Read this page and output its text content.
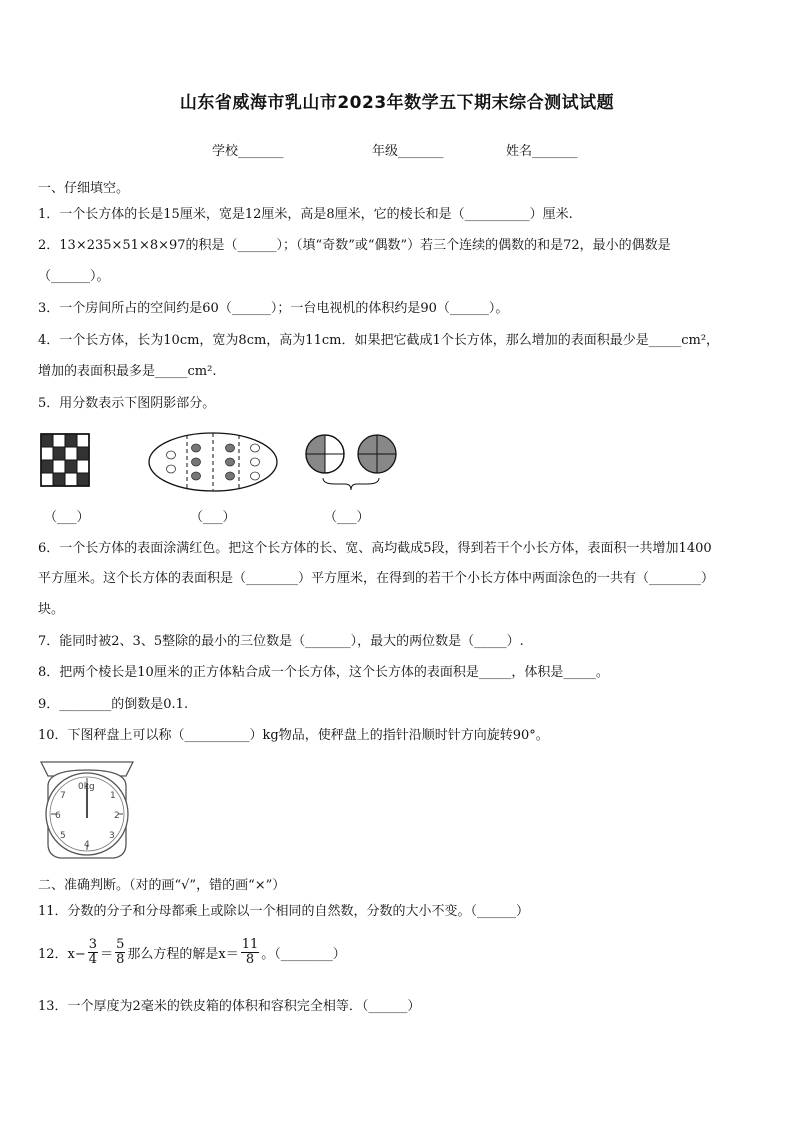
山东省威海市乳山市2023年数学五下期末综合测试试题
学校_______	年级_______	姓名_______
一、仔细填空。
1．一个长方体的长是15厘米，宽是12厘米，高是8厘米，它的棱长和是（__________）厘米.
2．13×235×51×8×97的积是（______）；（填“奇数”或“偶数”）若三个连续的偶数的和是72，最小的偶数是
（______）。
3．一个房间所占的空间约是60（______）；一台电视机的体积约是90（______）。
4．一个长方体，长为10cm，宽为8cm，高为11cm．如果把它截成1个长方体，那么增加的表面积最少是_____cm²，
增加的表面积最多是_____cm².
5．用分数表示下图阴影部分。
（___）	（___）	（___）
6．一个长方体的表面涂满红色。把这个长方体的长、宽、高均截成5段，得到若干个小长方体，表面积一共增加1400
平方厘米。这个长方体的表面积是（________）平方厘米，在得到的若干个小长方体中两面涂色的一共有（________）
块。
7．能同时被2、3、5整除的最小的三位数是（_______），最大的两位数是（_____）.
8．把两个棱长是10厘米的正方体粘合成一个长方体，这个长方体的表面积是_____，体积是_____。
9．________的倒数是0.1.
10．下图秤盘上可以称（__________）kg物品，使秤盘上的指针沿顺时针方向旋转90°。
0kg
1
2
3
4
5
6
7
二、准确判断。（对的画“√”，错的画“×”）
11．分数的分子和分母都乘上或除以一个相同的自然数，分数的大小不变。（______）
12．$x- \frac{3}{4} = \frac{5}{8}$ 那么方程的解是$x= \frac{11}{8}$ 。（________）
13．一个厚度为2毫米的铁皮箱的体积和容积完全相等．（______）
